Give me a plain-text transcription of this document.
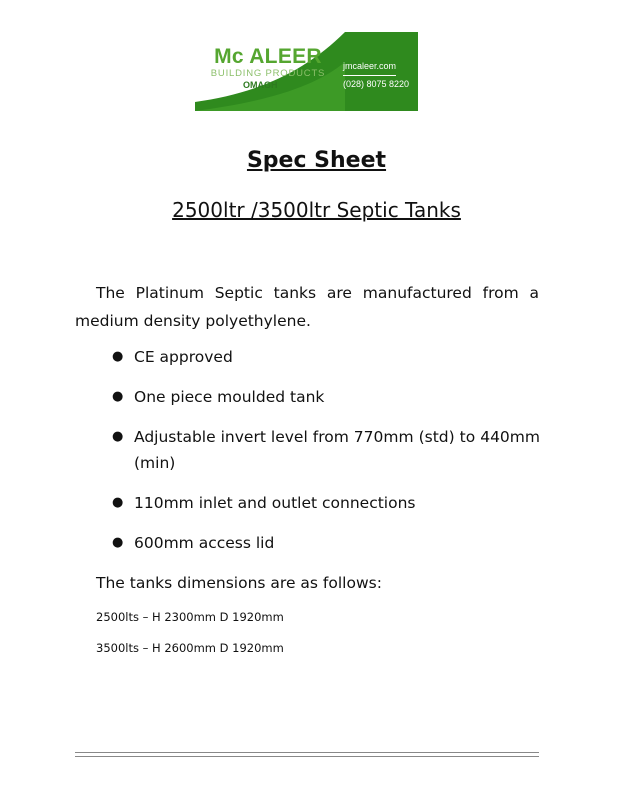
Mc ALEER
BUILDING PRODUCTS
OMAGH
jmcaleer.com
(028) 8075 8220
Spec Sheet
2500ltr /3500ltr Septic Tanks
The Platinum Septic tanks are manufactured from a medium density polyethylene.
● CE approved
● One piece moulded tank
● Adjustable invert level from 770mm (std) to 440mm (min)
● 110mm inlet and outlet connections
● 600mm access lid
The tanks dimensions are as follows:
2500lts – H 2300mm D 1920mm
3500lts – H 2600mm D 1920mm
